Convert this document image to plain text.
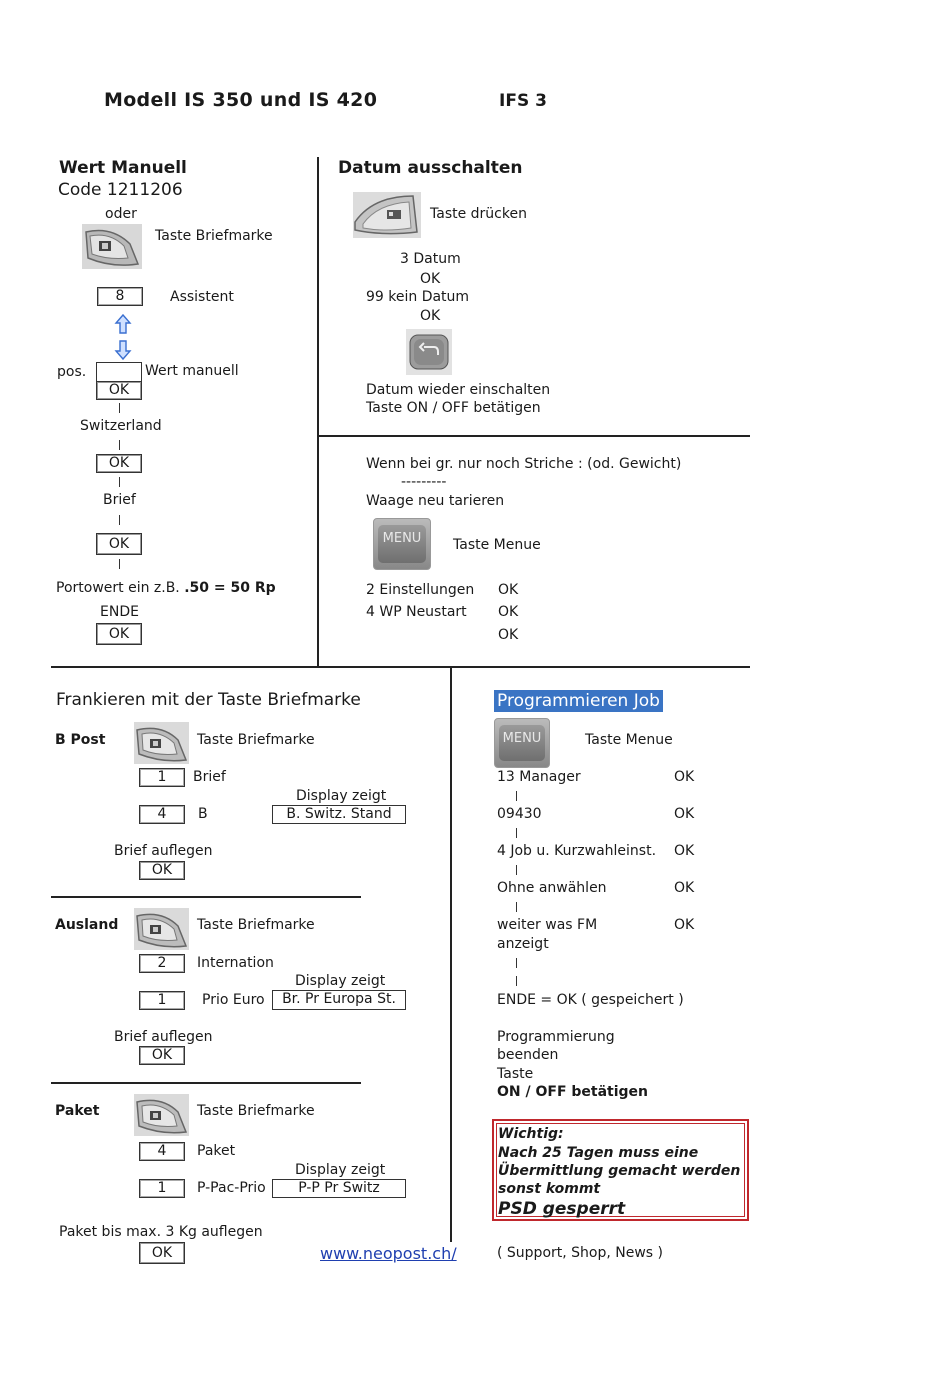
Modell IS 350 und IS 420	IFS 3
Wert Manuell
Code 1211206
oder
Taste Briefmarke
8	Assistent
pos.	Wert manuell
OK
Switzerland
OK
Brief
OK
Portowert ein z.B. .50 = 50 Rp
ENDE
OK
Datum ausschalten
Taste drücken
3 Datum
OK
99 kein Datum
OK
Datum wieder einschalten
Taste ON / OFF betätigen
Wenn bei gr. nur noch Striche : (od. Gewicht)
---------
Waage neu tarieren
MENU	Taste Menue
2 Einstellungen OK
4 WP Neustart OK
OK
Frankieren mit der Taste Briefmarke
B Post	Taste Briefmarke
1	Brief
Display zeigt
4	B	B. Switz. Stand
Brief auflegen
OK
Ausland	Taste Briefmarke
2	Internation
Display zeigt
1	Prio Euro	Br. Pr Europa St.
Brief auflegen
OK
Paket	Taste Briefmarke
4	Paket
Display zeigt
1	P-Pac-Prio	P-P Pr Switz
Paket bis max. 3 Kg auflegen
OK
Programmieren Job
MENU	Taste Menue
13 Manager	OK
09430	OK
4 Job u. Kurzwahleinst. OK
Ohne anwählen	OK
weiter was FM	OK
anzeigt
ENDE = OK ( gespeichert )
Programmierung
beenden
Taste
ON / OFF betätigen
Wichtig:
Nach 25 Tagen muss eine
Übermittlung gemacht werden
sonst kommt
PSD gesperrt
www.neopost.ch/	( Support, Shop, News )
